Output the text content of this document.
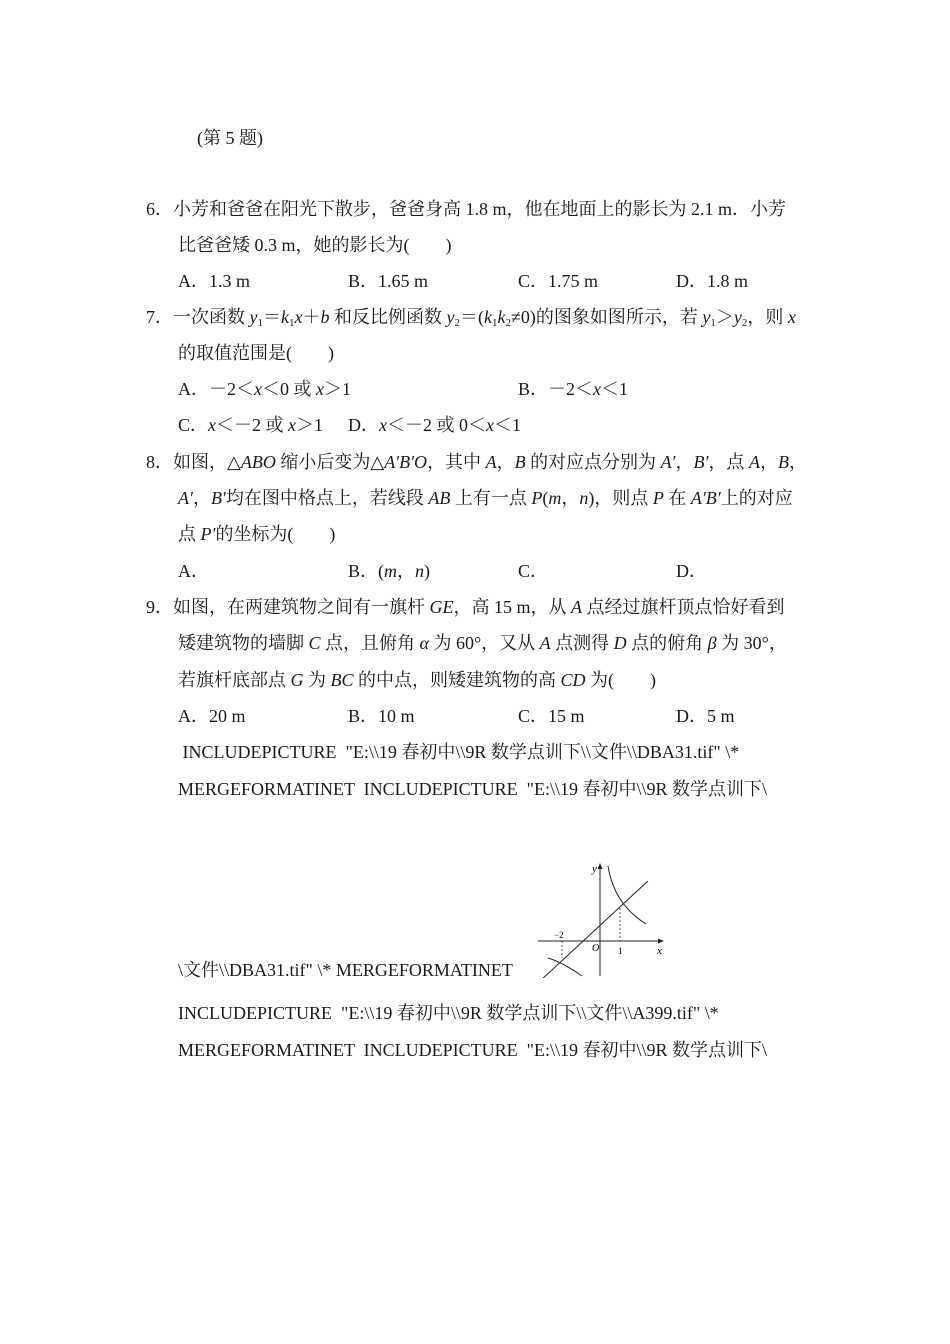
(第 5 题)
6．小芳和爸爸在阳光下散步，爸爸身高 1.8 m，他在地面上的影长为 2.1 m．小芳
比爸爸矮 0.3 m，她的影长为(　　)
A．1.3 m	B．1.65 m	C．1.75 m	D．1.8 m
7．一次函数 $y_1=k_1x+b$ 和反比例函数 $y_2=(k_1k_2\ne 0)$的图象如图所示，若 $y_1>y_2$，则 x
的取值范围是(　　)
A．－2＜x＜0 或 x＞1	B．－2＜x＜1
C．x＜－2 或 x＞1 D．x＜－2 或 0＜x＜1
8．如图，△ABO 缩小后变为△A′B′O，其中 A，B 的对应点分别为 A′，B′，点 A，B，
A′，B′均在图中格点上，若线段 AB 上有一点 P(m，n)，则点 P 在 A′B′上的对应
点 P′的坐标为(　　)
A．	B．(m，n)	C．	D．
9．如图，在两建筑物之间有一旗杆 GE，高 15 m，从 A 点经过旗杆顶点恰好看到
矮建筑物的墙脚 C 点，且俯角 α 为 60°，又从 A 点测得 D 点的俯角 β 为 30°，
若旗杆底部点 G 为 BC 的中点，则矮建筑物的高 CD 为(　　)
A．20 m	B．10 m	C．15 m	D．5 m
INCLUDEPICTURE  "E:\\19 春初中\\9R 数学点训下\\文件\\DBA31.tif" \*
MERGEFORMATINET  INCLUDEPICTURE  "E:\\19 春初中\\9R 数学点训下\
\文件\\DBA31.tif" \* MERGEFORMATINET
y
x
O
−2
1
INCLUDEPICTURE  "E:\\19 春初中\\9R 数学点训下\\文件\\A399.tif" \*
MERGEFORMATINET  INCLUDEPICTURE  "E:\\19 春初中\\9R 数学点训下\
